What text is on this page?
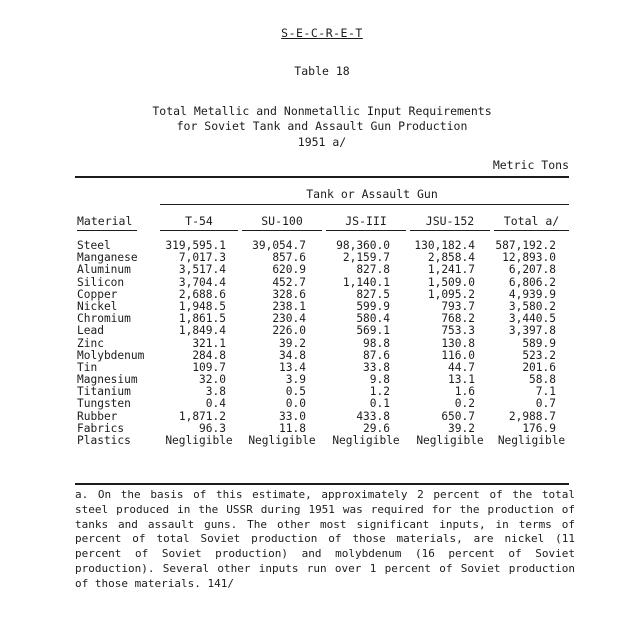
S-E-C-R-E-T
Table 18
Total Metallic and Nonmetallic Input Requirements
for Soviet Tank and Assault Gun Production
1951 a/
Metric Tons
Tank or Assault Gun
Material	T-54	SU-100	JS-III	JSU-152	Total a/
Steel	319,595.1 39,054.7	98,360.0 130,182.4 587,192.2
Manganese	7,017.3	857.6	2,159.7	2,858.4 12,893.0
Aluminum	3,517.4	620.9	827.8	1,241.7	6,207.8
Silicon	3,704.4	452.7	1,140.1	1,509.0	6,806.2
Copper	2,688.6	328.6	827.5	1,095.2	4,939.9
Nickel	1,948.5	238.1	599.9	793.7	3,580.2
Chromium	1,861.5	230.4	580.4	768.2	3,440.5
Lead	1,849.4	226.0	569.1	753.3	3,397.8
Zinc	321.1	39.2	98.8	130.8	589.9
Molybdenum	284.8	34.8	87.6	116.0	523.2
Tin	109.7	13.4	33.8	44.7	201.6
Magnesium	32.0	3.9	9.8	13.1	58.8
Titanium	3.8	0.5	1.2	1.6	7.1
Tungsten	0.4	0.0	0.1	0.2	0.7
Rubber	1,871.2	33.0	433.8	650.7	2,988.7
Fabrics	96.3	11.8	29.6	39.2	176.9
Plastics	Negligible	Negligible	Negligible	Negligible	Negligible

a. On the basis of this estimate, approximately 2 percent of the total steel produced in the USSR during 1951 was required for the production of tanks and assault guns. The other most significant inputs, in terms of percent of total Soviet production of those materials, are nickel (11 percent of Soviet production) and molybdenum (16 percent of Soviet production). Several other inputs run over 1 percent of Soviet production of those materials. 141/
